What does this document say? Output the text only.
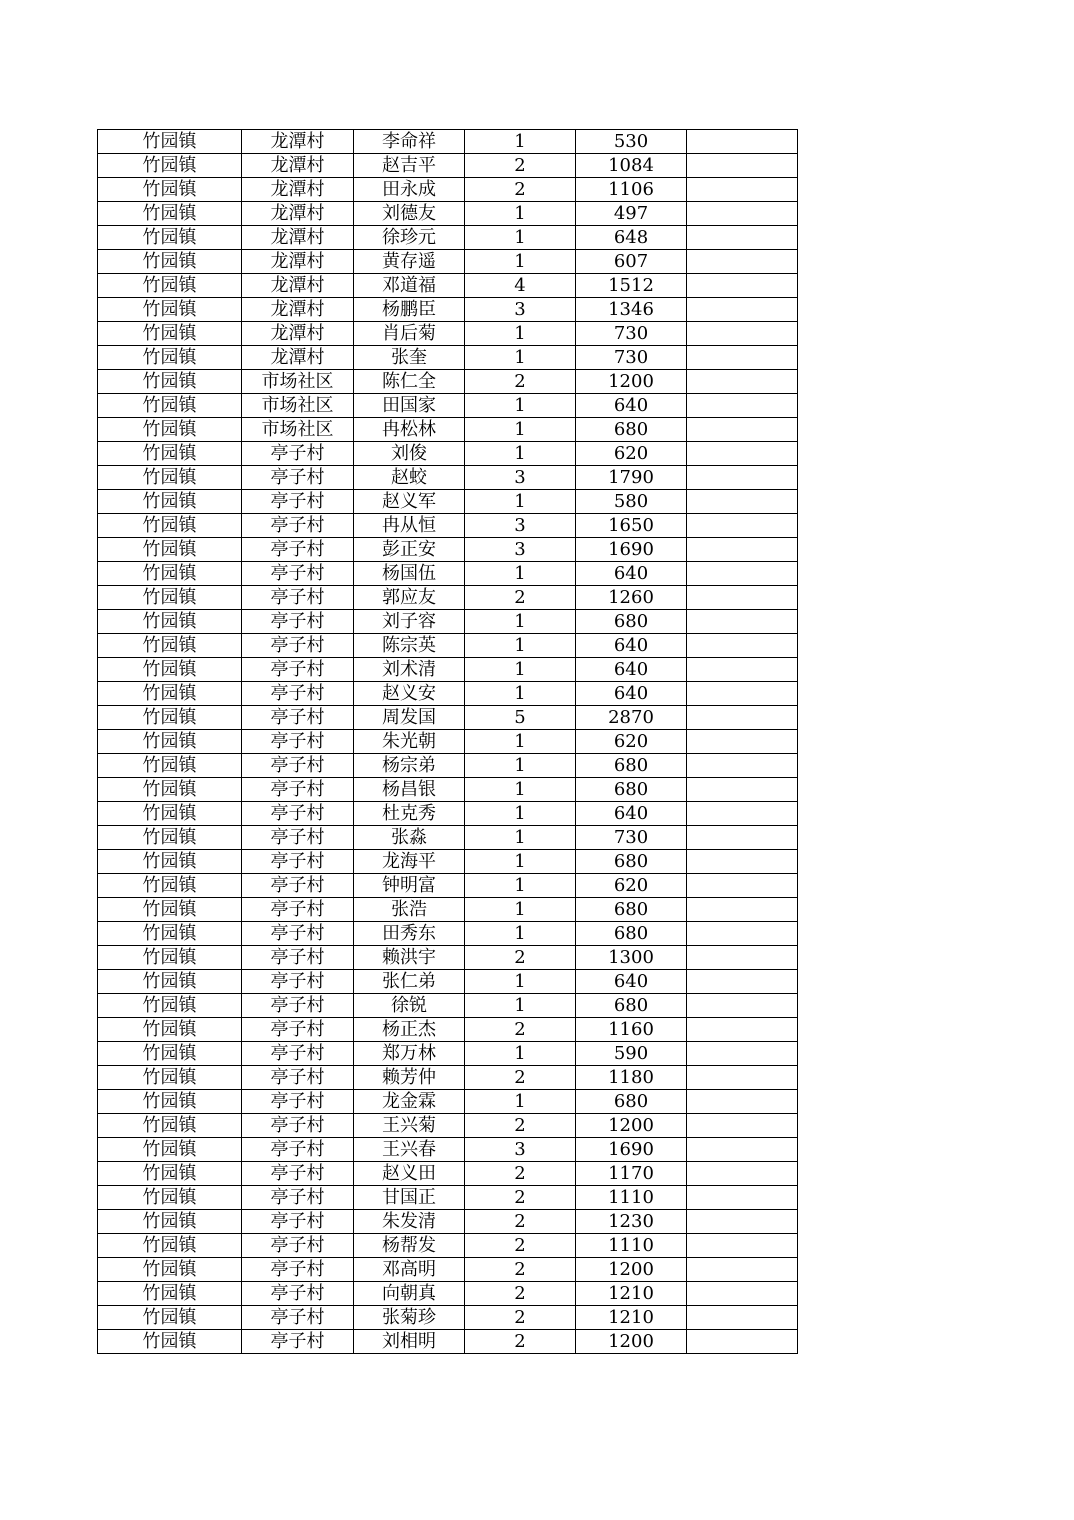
竹园镇	龙潭村	李命祥	1	530	
竹园镇	龙潭村	赵吉平	2	1084	
竹园镇	龙潭村	田永成	2	1106	
竹园镇	龙潭村	刘德友	1	497	
竹园镇	龙潭村	徐珍元	1	648	
竹园镇	龙潭村	黄存遥	1	607	
竹园镇	龙潭村	邓道福	4	1512	
竹园镇	龙潭村	杨鹏臣	3	1346	
竹园镇	龙潭村	肖后菊	1	730	
竹园镇	龙潭村	张奎	1	730	
竹园镇	市场社区	陈仁全	2	1200	
竹园镇	市场社区	田国家	1	640	
竹园镇	市场社区	冉松林	1	680	
竹园镇	亭子村	刘俊	1	620	
竹园镇	亭子村	赵蛟	3	1790	
竹园镇	亭子村	赵义军	1	580	
竹园镇	亭子村	冉从恒	3	1650	
竹园镇	亭子村	彭正安	3	1690	
竹园镇	亭子村	杨国伍	1	640	
竹园镇	亭子村	郭应友	2	1260	
竹园镇	亭子村	刘子容	1	680	
竹园镇	亭子村	陈宗英	1	640	
竹园镇	亭子村	刘术清	1	640	
竹园镇	亭子村	赵义安	1	640	
竹园镇	亭子村	周发国	5	2870	
竹园镇	亭子村	朱光朝	1	620	
竹园镇	亭子村	杨宗弟	1	680	
竹园镇	亭子村	杨昌银	1	680	
竹园镇	亭子村	杜克秀	1	640	
竹园镇	亭子村	张淼	1	730	
竹园镇	亭子村	龙海平	1	680	
竹园镇	亭子村	钟明富	1	620	
竹园镇	亭子村	张浩	1	680	
竹园镇	亭子村	田秀东	1	680	
竹园镇	亭子村	赖洪宇	2	1300	
竹园镇	亭子村	张仁弟	1	640	
竹园镇	亭子村	徐锐	1	680	
竹园镇	亭子村	杨正杰	2	1160	
竹园镇	亭子村	郑万林	1	590	
竹园镇	亭子村	赖芳仲	2	1180	
竹园镇	亭子村	龙金霖	1	680	
竹园镇	亭子村	王兴菊	2	1200	
竹园镇	亭子村	王兴春	3	1690	
竹园镇	亭子村	赵义田	2	1170	
竹园镇	亭子村	甘国正	2	1110	
竹园镇	亭子村	朱发清	2	1230	
竹园镇	亭子村	杨帮发	2	1110	
竹园镇	亭子村	邓高明	2	1200	
竹园镇	亭子村	向朝真	2	1210	
竹园镇	亭子村	张菊珍	2	1210	
竹园镇	亭子村	刘相明	2	1200	
